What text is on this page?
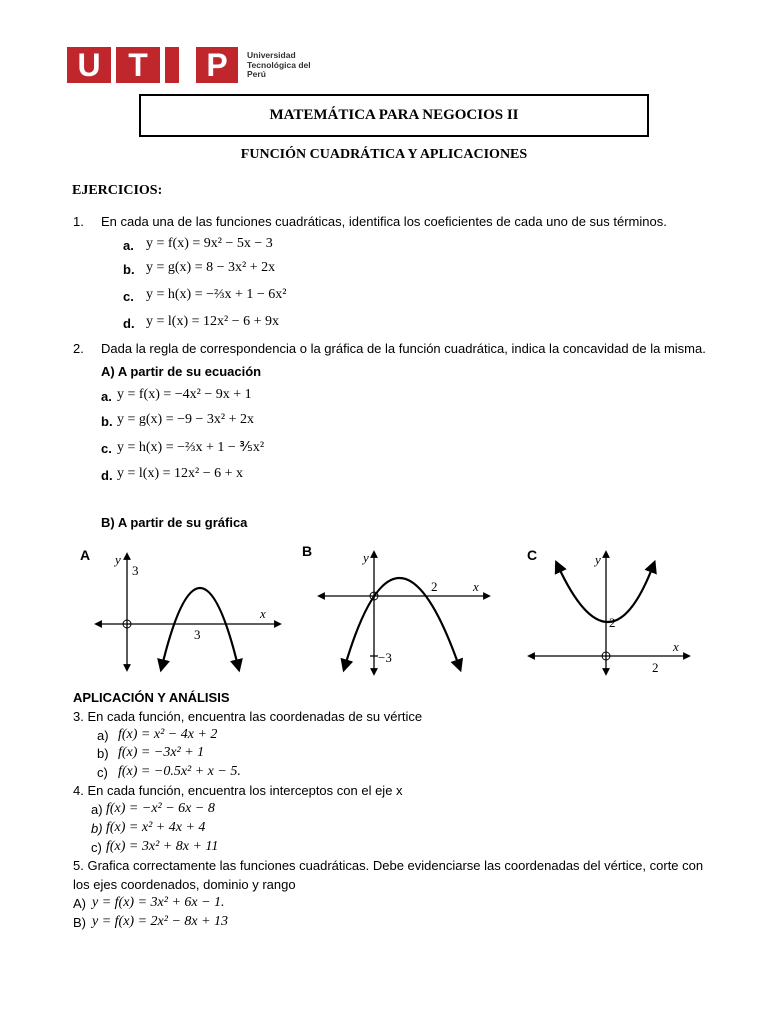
U T	P	Universidad Tecnológica del Perú
MATEMÁTICA PARA NEGOCIOS II
FUNCIÓN CUADRÁTICA Y APLICACIONES
EJERCICIOS:
1. En cada una de las funciones cuadráticas, identifica los coeficientes de cada uno de sus términos.
a. y = f(x) = 9x² − 5x − 3
b. y = g(x) = 8 − 3x² + 2x
c. y = h(x) = −⅔x + 1 − 6x²
d. y = l(x) = 12x² − 6 + 9x
2. Dada la regla de correspondencia o la gráfica de la función cuadrática, indica la concavidad de la misma.
A) A partir de su ecuación
a. y = f(x) = −4x² − 9x + 1
b. y = g(x) = −9 − 3x² + 2x
c. y = h(x) = −⅔x + 1 − ⅗x²
d. y = l(x) = 12x² − 6 + x
B) A partir de su gráfica
A y
3
x
3
B	y
−3
x
2
C	y
2
x
2
APLICACIÓN Y ANÁLISIS
3. En cada función, encuentra las coordenadas de su vértice
a) f(x) = x² − 4x + 2
b) f(x) = −3x² + 1
c) f(x) = −0.5x² + x − 5.
4. En cada función, encuentra los interceptos con el eje x
a) f(x) = −x² − 6x − 8
b) f(x) = x² + 4x + 4
c) f(x) = 3x² + 8x + 11
5. Grafica correctamente las funciones cuadráticas. Debe evidenciarse las coordenadas del vértice, corte con
los ejes coordenados, dominio y rango
A) y = f(x) = 3x² + 6x − 1.
B) y = f(x) = 2x² − 8x + 13
